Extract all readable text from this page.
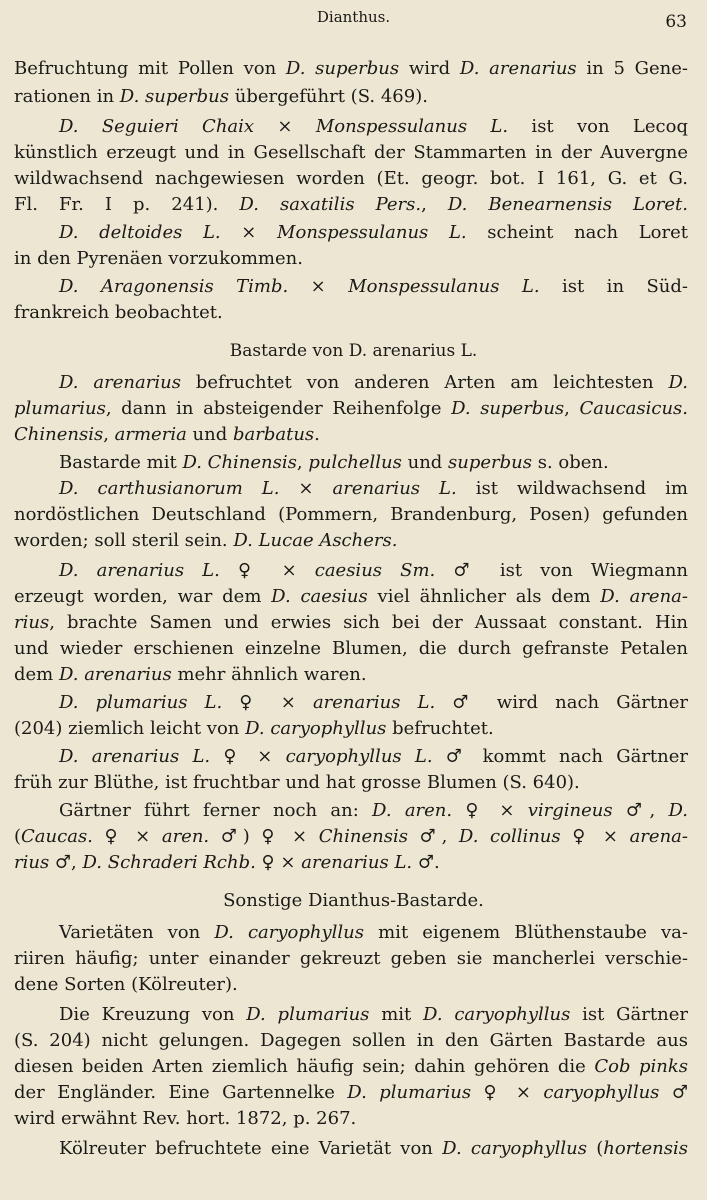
Dianthus.	63
Befruchtung mit Pollen von D. superbus wird D. arenarius in 5 Gene-
rationen in D. superbus übergeführt (S. 469).
D. Seguieri Chaix × Monspessulanus L. ist von Lecoq
künstlich erzeugt und in Gesellschaft der Stammarten in der Auvergne
wildwachsend nachgewiesen worden (Et. geogr. bot. I 161, G. et G.
Fl. Fr. I p. 241). D. saxatilis Pers., D. Benearnensis Loret.
D. deltoides L. × Monspessulanus L. scheint nach Loret
in den Pyrenäen vorzukommen.
D. Aragonensis Timb. × Monspessulanus L. ist in Süd-
frankreich beobachtet.
Bastarde von D. arenarius L.
D. arenarius befruchtet von anderen Arten am leichtesten D.
plumarius, dann in absteigender Reihenfolge D. superbus, Caucasicus.
Chinensis, armeria und barbatus.
Bastarde mit D. Chinensis, pulchellus und superbus s. oben.
D. carthusianorum L. × arenarius L. ist wildwachsend im
nordöstlichen Deutschland (Pommern, Brandenburg, Posen) gefunden
worden; soll steril sein. D. Lucae Aschers.
D. arenarius L. ♀ × caesius Sm. ♂ ist von Wiegmann
erzeugt worden, war dem D. caesius viel ähnlicher als dem D. arena-
rius, brachte Samen und erwies sich bei der Aussaat constant. Hin
und wieder erschienen einzelne Blumen, die durch gefranste Petalen
dem D. arenarius mehr ähnlich waren.
D. plumarius L. ♀ × arenarius L. ♂ wird nach Gärtner
(204) ziemlich leicht von D. caryophyllus befruchtet.
D. arenarius L. ♀ × caryophyllus L. ♂ kommt nach Gärtner
früh zur Blüthe, ist fruchtbar und hat grosse Blumen (S. 640).
Gärtner führt ferner noch an: D. aren. ♀ × virgineus ♂, D.
(Caucas. ♀ × aren. ♂) ♀ × Chinensis ♂, D. collinus ♀ × arena-
rius ♂, D. Schraderi Rchb. ♀ × arenarius L. ♂.
Sonstige Dianthus-Bastarde.
Varietäten von D. caryophyllus mit eigenem Blüthenstaube va-
riiren häufig; unter einander gekreuzt geben sie mancherlei verschie-
dene Sorten (Kölreuter).
Die Kreuzung von D. plumarius mit D. caryophyllus ist Gärtner
(S. 204) nicht gelungen. Dagegen sollen in den Gärten Bastarde aus
diesen beiden Arten ziemlich häufig sein; dahin gehören die Cob pinks
der Engländer. Eine Gartennelke D. plumarius ♀ × caryophyllus ♂
wird erwähnt Rev. hort. 1872, p. 267.
Kölreuter befruchtete eine Varietät von D. caryophyllus (hortensis
